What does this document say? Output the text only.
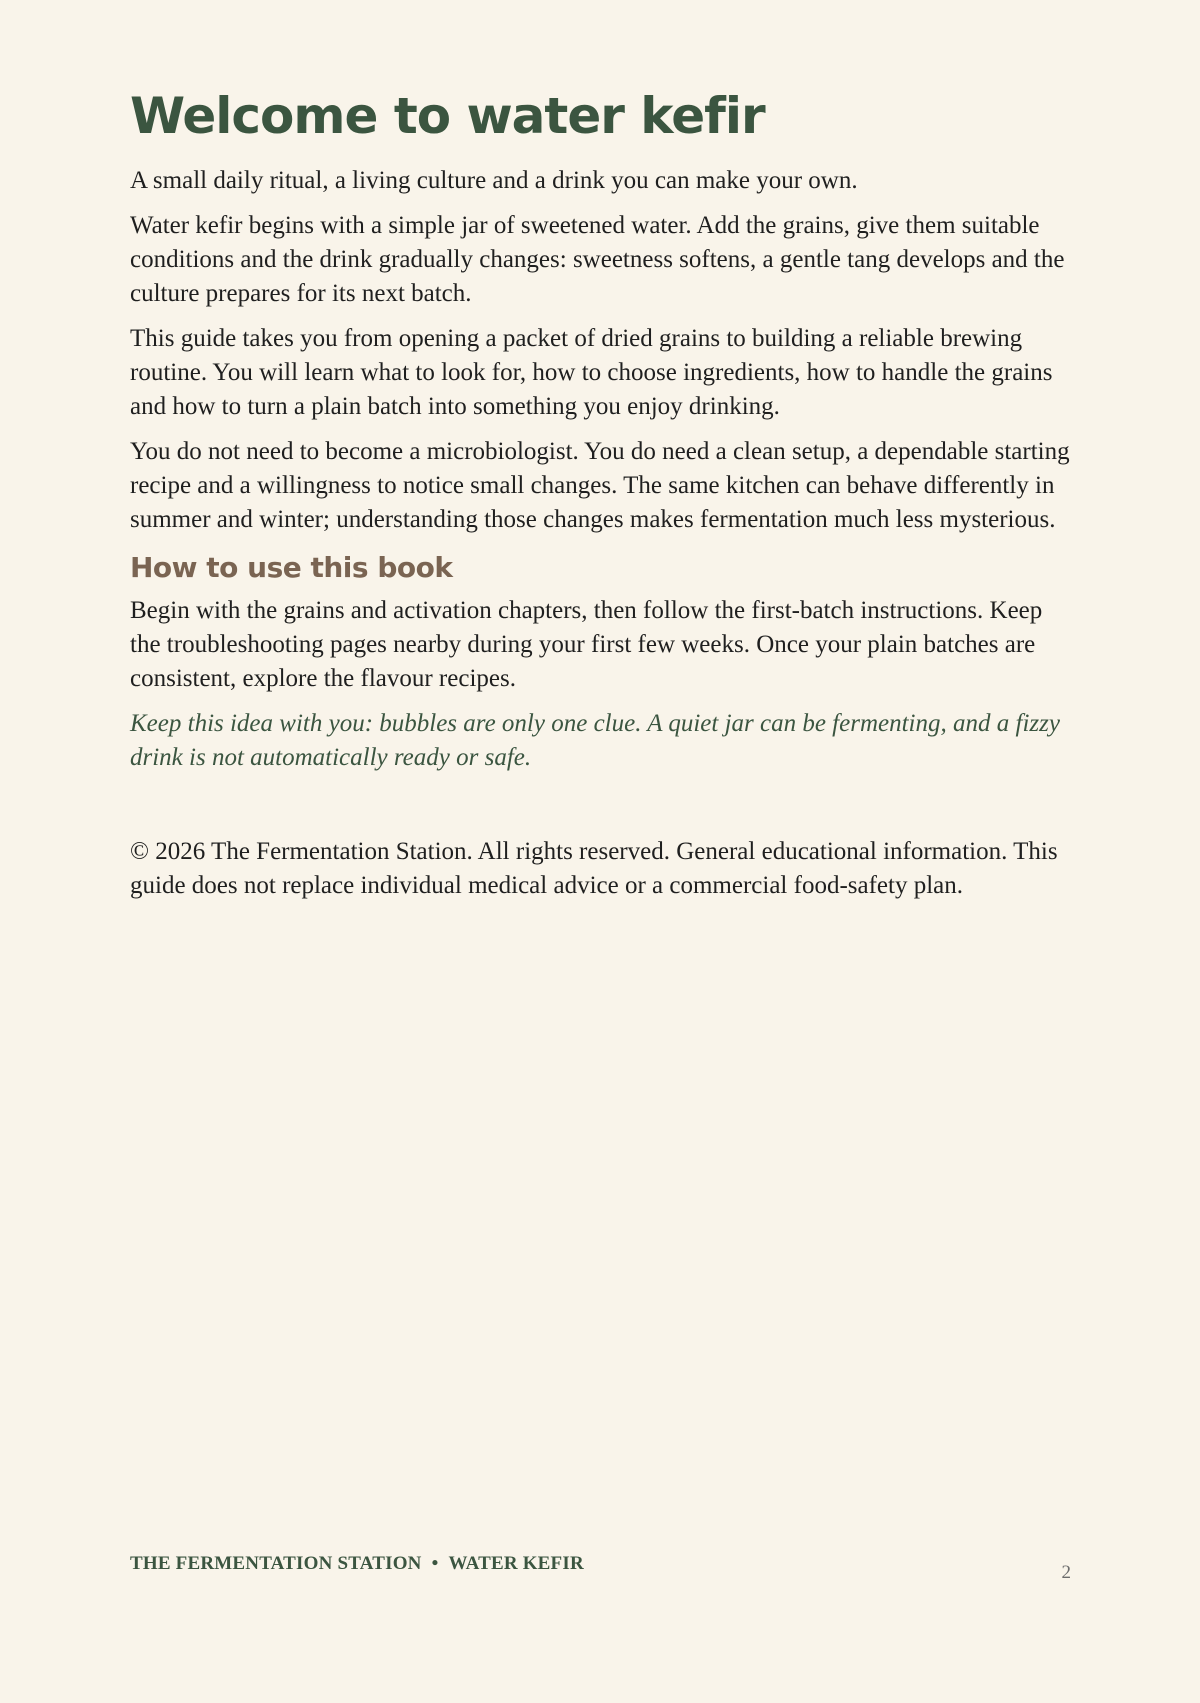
Welcome to water kefir

A small daily ritual, a living culture and a drink you can make your own.

Water kefir begins with a simple jar of sweetened water. Add the grains, give them suitable conditions and the drink gradually changes: sweetness softens, a gentle tang develops and the culture prepares for its next batch.

This guide takes you from opening a packet of dried grains to building a reliable brewing routine. You will learn what to look for, how to choose ingredients, how to handle the grains and how to turn a plain batch into something you enjoy drinking.

You do not need to become a microbiologist. You do need a clean setup, a dependable starting recipe and a willingness to notice small changes. The same kitchen can behave differently in summer and winter; understanding those changes makes fermentation much less mysterious.

How to use this book

Begin with the grains and activation chapters, then follow the first-batch instructions. Keep the troubleshooting pages nearby during your first few weeks. Once your plain batches are consistent, explore the flavour recipes.

Keep this idea with you: bubbles are only one clue. A quiet jar can be fermenting, and a fizzy drink is not automatically ready or safe.

© 2026 The Fermentation Station. All rights reserved. General educational information. This guide does not replace individual medical advice or a commercial food-safety plan.

THE FERMENTATION STATION • WATER KEFIR	2
